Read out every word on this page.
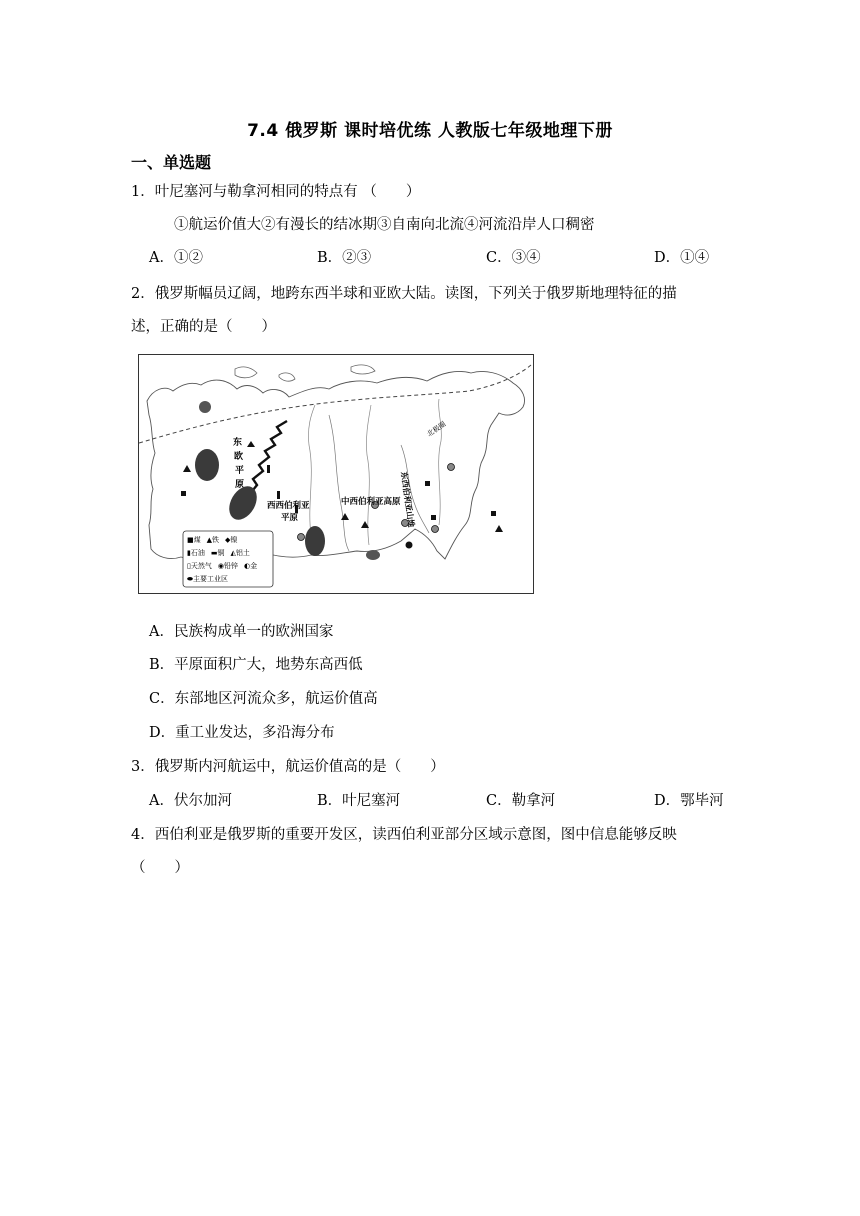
7.4 俄罗斯 课时培优练 人教版七年级地理下册
一、单选题
1．叶尼塞河与勒拿河相同的特点有 （　　）
①航运价值大②有漫长的结冰期③自南向北流④河流沿岸人口稠密
A．①②	B．②③	C．③④	D．①④
2．俄罗斯幅员辽阔，地跨东西半球和亚欧大陆。读图，下列关于俄罗斯地理特征的描
述，正确的是（　　）
东
欧
平
原
西西伯利亚
平原
中西伯利亚高原
东西伯利亚山地
北极圈
■煤 ▲铁 ◆镍
▮石油 ▬铜 ◭铝土
▯天然气 ◉铅锌 ◐金
⬬主要工业区
A．民族构成单一的欧洲国家
B．平原面积广大，地势东高西低
C．东部地区河流众多，航运价值高
D．重工业发达，多沿海分布
3．俄罗斯内河航运中，航运价值高的是（　　）
A．伏尔加河	B．叶尼塞河	C．勒拿河	D．鄂毕河
4．西伯利亚是俄罗斯的重要开发区，读西伯利亚部分区域示意图，图中信息能够反映
（　　）
